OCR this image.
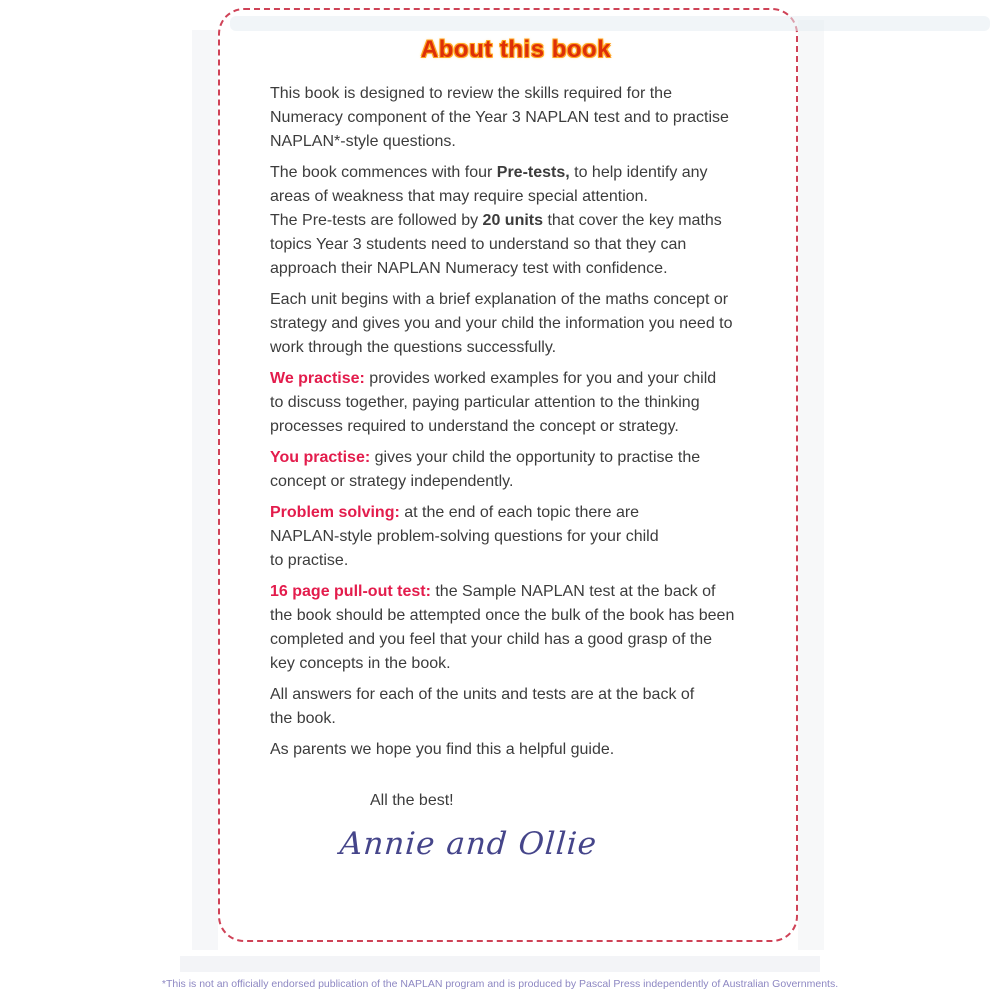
About this book

This book is designed to review the skills required for the
Numeracy component of the Year 3 NAPLAN test and to practise
NAPLAN*-style questions.

The book commences with four Pre-tests, to help identify any
areas of weakness that may require special attention.
The Pre-tests are followed by 20 units that cover the key maths
topics Year 3 students need to understand so that they can
approach their NAPLAN Numeracy test with confidence.

Each unit begins with a brief explanation of the maths concept or
strategy and gives you and your child the information you need to
work through the questions successfully.

We practise: provides worked examples for you and your child
to discuss together, paying particular attention to the thinking
processes required to understand the concept or strategy.

You practise: gives your child the opportunity to practise the
concept or strategy independently.

Problem solving: at the end of each topic there are
NAPLAN-style problem-solving questions for your child
to practise.

16 page pull-out test: the Sample NAPLAN test at the back of
the book should be attempted once the bulk of the book has been
completed and you feel that your child has a good grasp of the
key concepts in the book.

All answers for each of the units and tests are at the back of
the book.

As parents we hope you find this a helpful guide.

All the best!
Annie and Ollie
*This is not an officially endorsed publication of the NAPLAN program and is produced by Pascal Press independently of Australian Governments.
